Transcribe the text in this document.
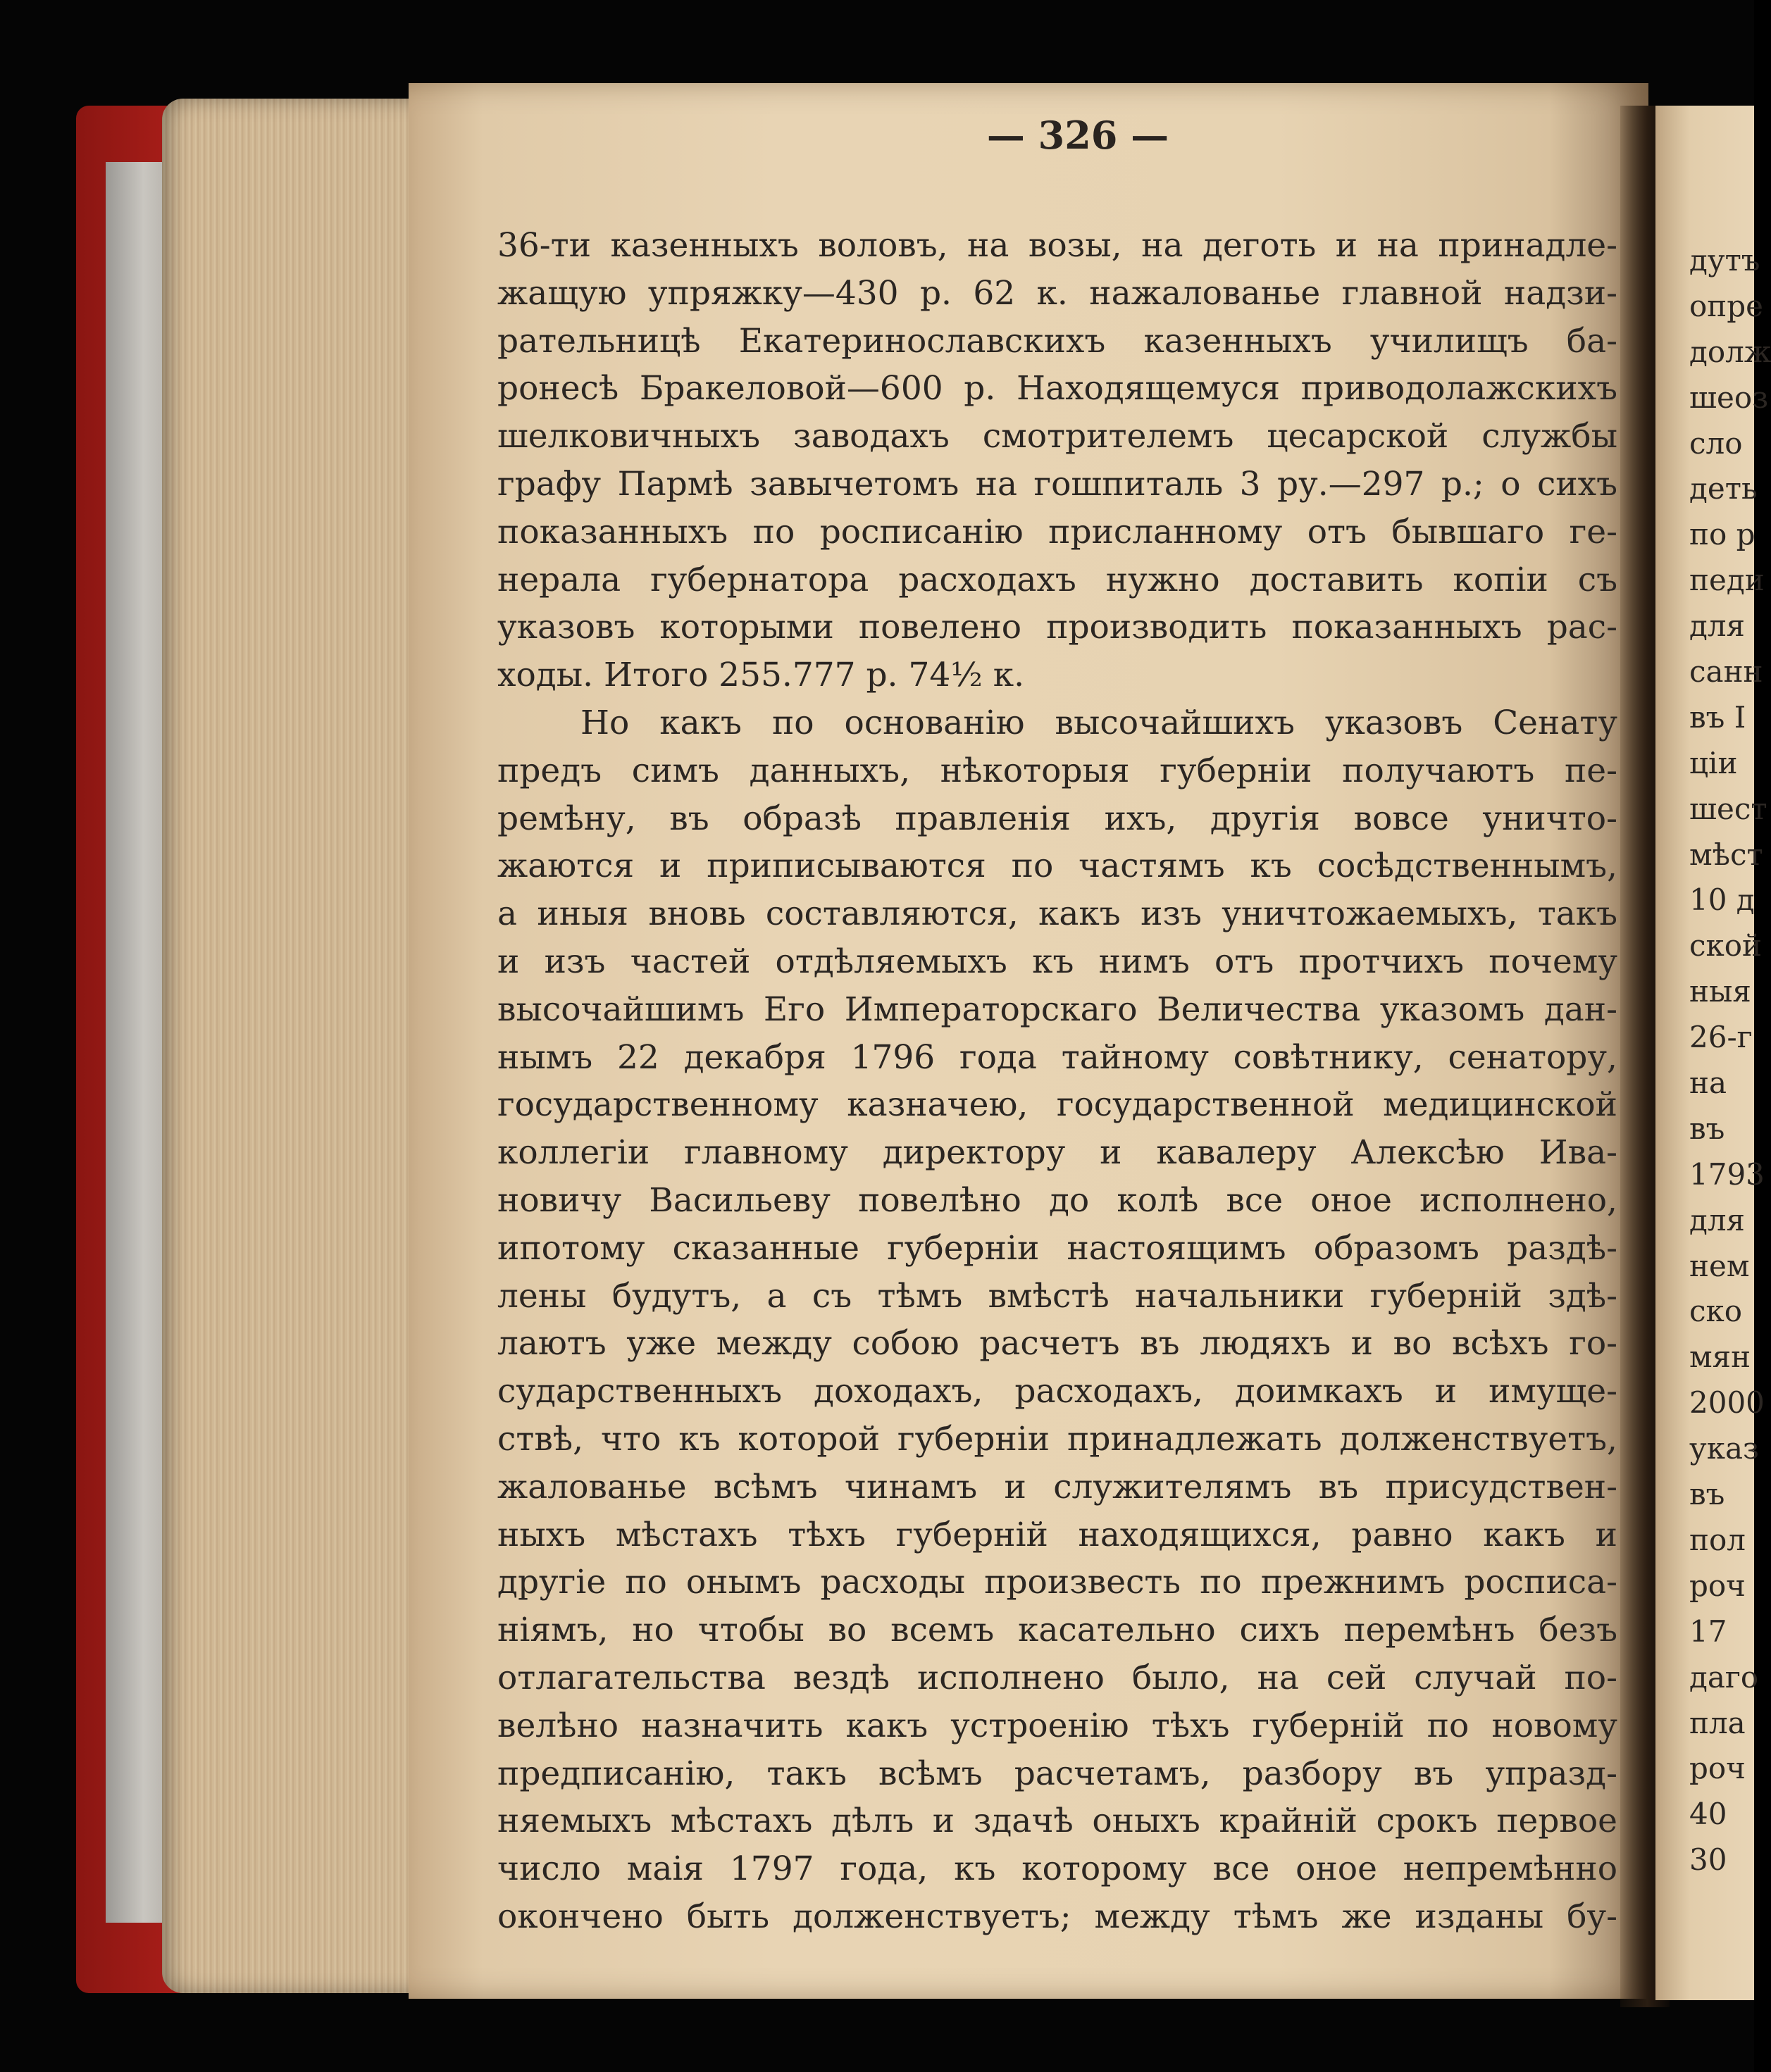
— 326 —
36-ти казенныхъ воловъ, на возы, на деготь и на принадле-
жащую упряжку—430 р. 62 к. нажалованье главной надзи-
рательницѣ Екатеринославскихъ казенныхъ училищъ ба-
ронесѣ Бракеловой—600 р. Находящемуся приводолажскихъ
шелковичныхъ заводахъ смотрителемъ цесарской службы
графу Пармѣ завычетомъ на гошпиталь 3 ру.—297 р.; о сихъ
показанныхъ по росписанію присланному отъ бывшаго ге-
нерала губернатора расходахъ нужно доставить копіи съ
указовъ которыми повелено производить показанныхъ рас-
ходы. Итого 255.777 р. 74½ к.
Но какъ по основанію высочайшихъ указовъ Сенату
предъ симъ данныхъ, нѣкоторыя губерніи получаютъ пе-
ремѣну, въ образѣ правленія ихъ, другія вовсе уничто-
жаются и приписываются по частямъ къ сосѣдственнымъ,
а иныя вновь составляются, какъ изъ уничтожаемыхъ, такъ
и изъ частей отдѣляемыхъ къ нимъ отъ протчихъ почему
высочайшимъ Его Императорскаго Величества указомъ дан-
нымъ 22 декабря 1796 года тайному совѣтнику, сенатору,
государственному казначею, государственной медицинской
коллегіи главному директору и кавалеру Алексѣю Ива-
новичу Васильеву повелѣно до колѣ все оное исполнено,
ипотому сказанные губерніи настоящимъ образомъ раздѣ-
лены будутъ, а съ тѣмъ вмѣстѣ начальники губерній здѣ-
лаютъ уже между собою расчетъ въ людяхъ и во всѣхъ го-
сударственныхъ доходахъ, расходахъ, доимкахъ и имуще-
ствѣ, что къ которой губерніи принадлежать долженствуетъ,
жалованье всѣмъ чинамъ и служителямъ въ присудствен-
ныхъ мѣстахъ тѣхъ губерній находящихся, равно какъ и
другіе по онымъ расходы произвесть по прежнимъ росписа-
ніямъ, но чтобы во всемъ касательно сихъ перемѣнъ безъ
отлагательства вездѣ исполнено было, на сей случай по-
велѣно назначить какъ устроенію тѣхъ губерній по новому
предписанію, такъ всѣмъ расчетамъ, разбору въ упразд-
няемыхъ мѣстахъ дѣлъ и здачѣ оныхъ крайній срокъ первое
число маія 1797 года, къ которому все оное непремѣнно
окончено быть долженствуетъ; между тѣмъ же изданы бу-
дутъ
опре
долж
шеоз
сло
деть
по р
педи
для
санн
въ І
ціи
шест
мѣст
10 д
ской
ныя
26-г
на
въ
1793
для
нем
ско
мян
2000
указ
въ
пол
роч
17
даго
пла
роч
40
30
